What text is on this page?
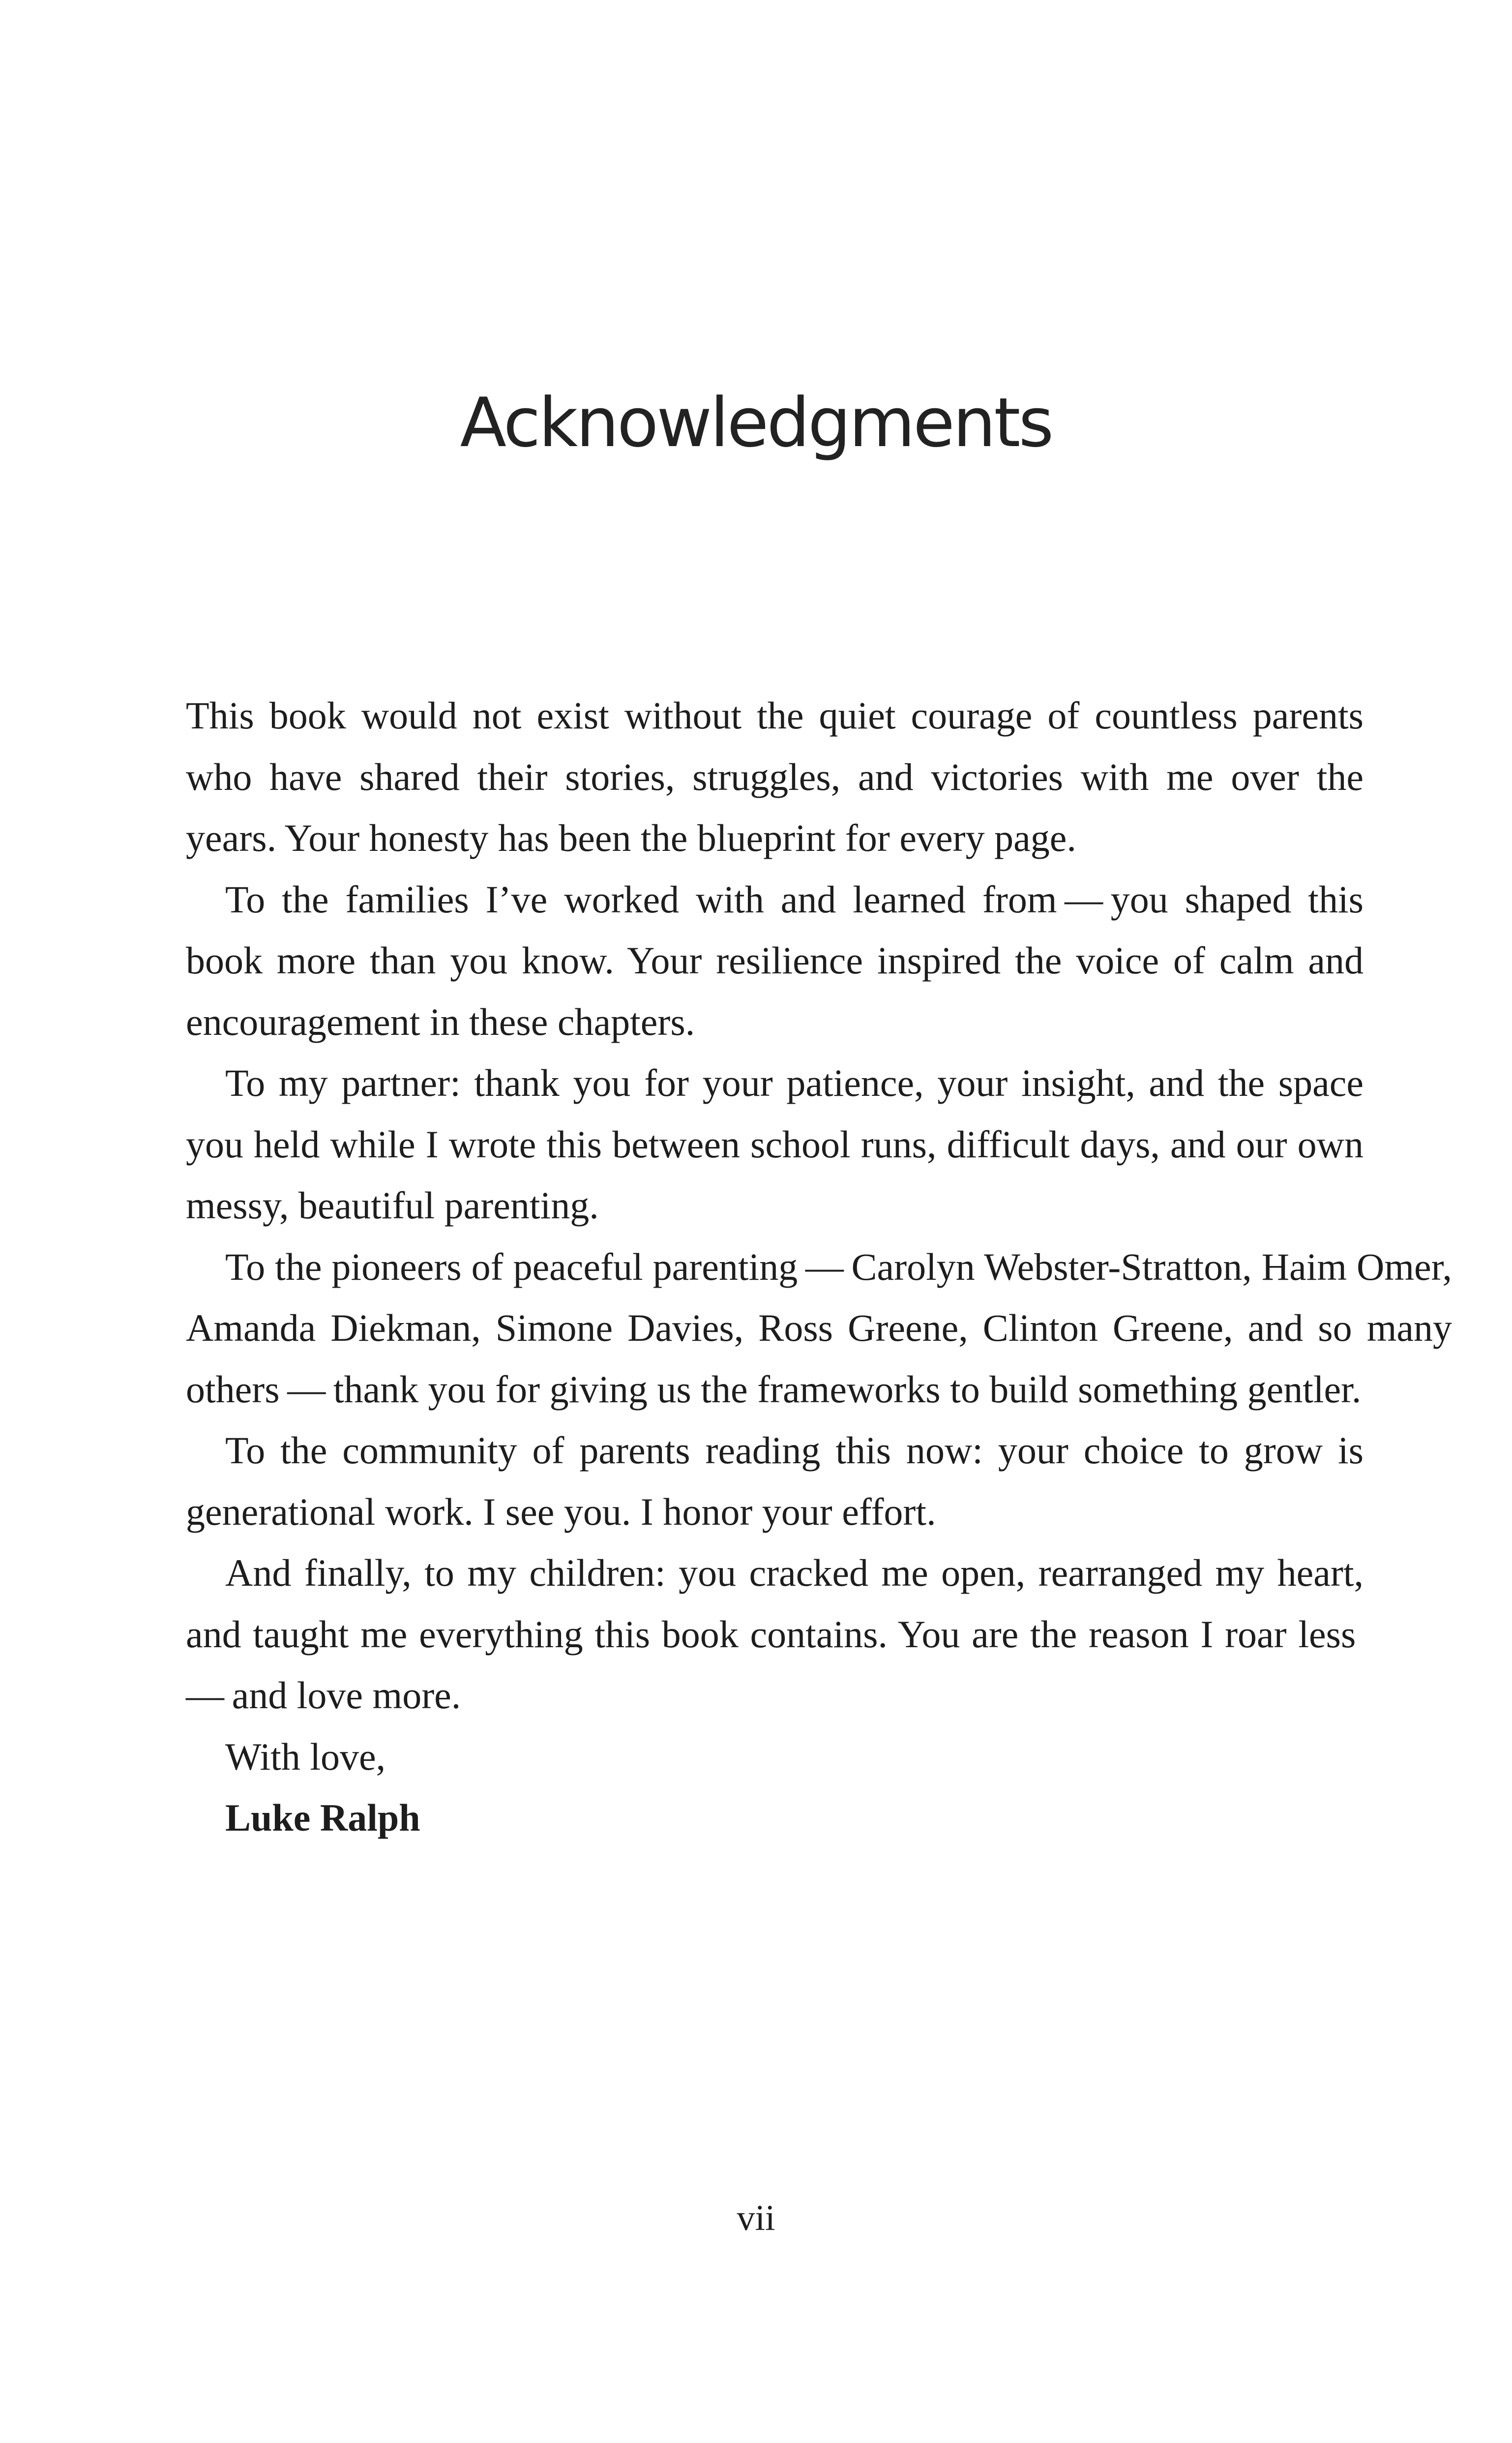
Acknowledgments

This book would not exist without the quiet courage of countless parents who have shared their stories, struggles, and victories with me over the years. Your honesty has been the blueprint for every page.

To the families I’ve worked with and learned from — you shaped this book more than you know. Your resilience inspired the voice of calm and encouragement in these chapters.

To my partner: thank you for your patience, your insight, and the space you held while I wrote this between school runs, difficult days, and our own messy, beautiful parenting.

To the pioneers of peaceful parenting — Carolyn Webster-Stratton, Haim Omer, Amanda Diekman, Simone Davies, Ross Greene, Clinton Greene, and so many others — thank you for giving us the frameworks to build something gentler.

To the community of parents reading this now: your choice to grow is generational work. I see you. I honor your effort.

And finally, to my children: you cracked me open, rearranged my heart, and taught me everything this book contains. You are the reason I roar less — and love more.

With love,
Luke Ralph
vii
